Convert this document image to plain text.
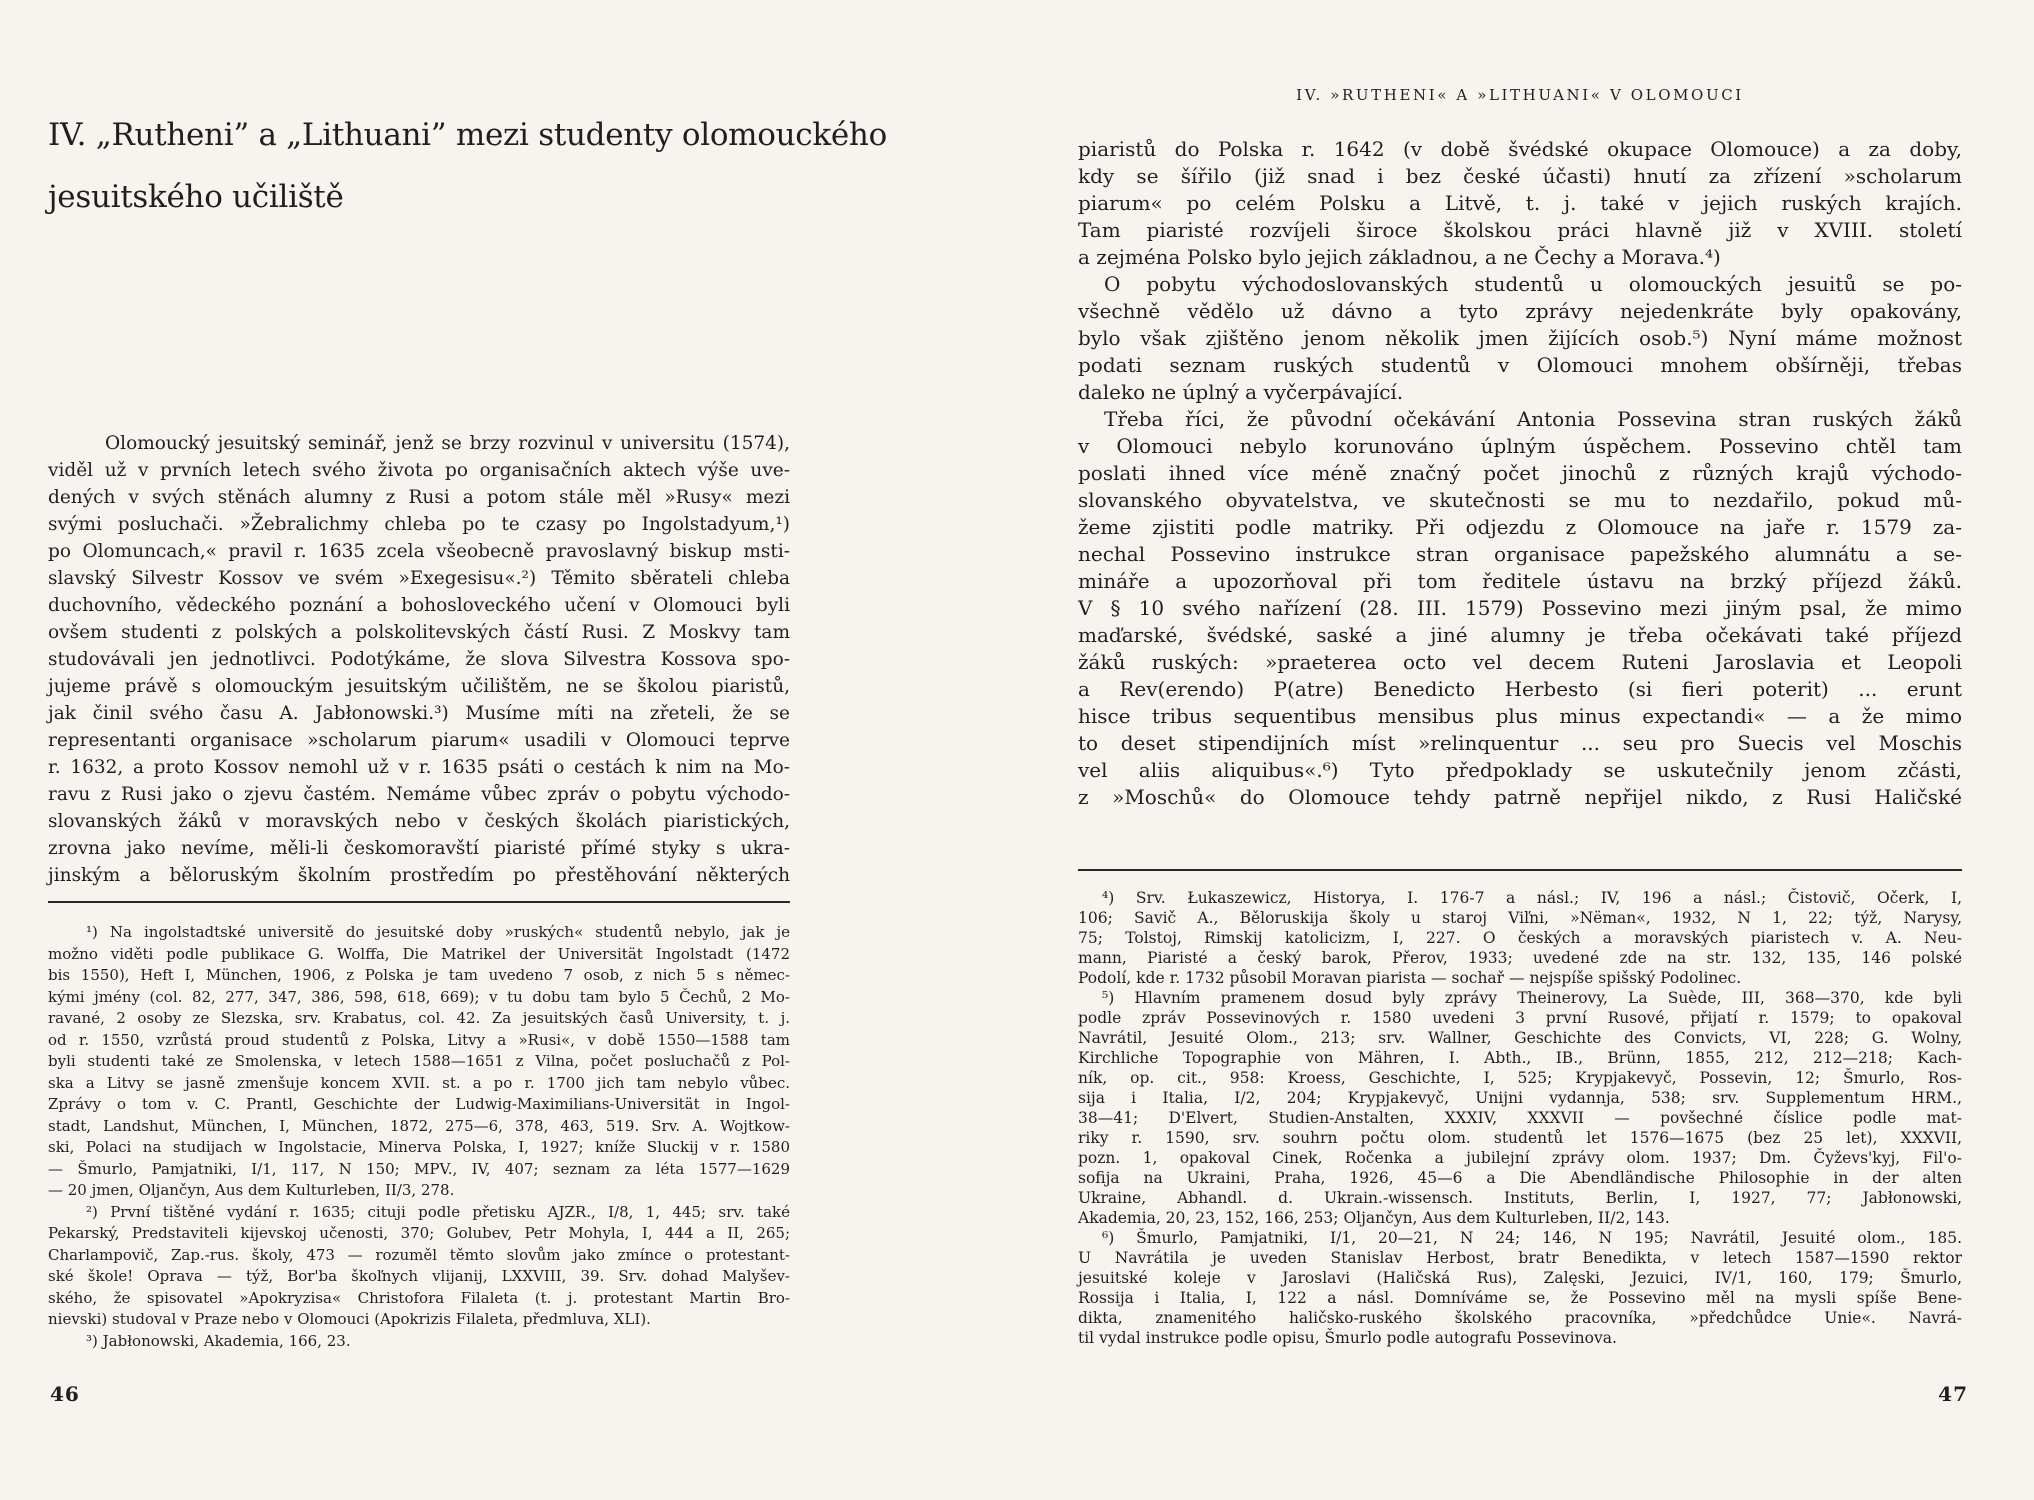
IV. „Rutheni” a „Lithuani” mezi studenty olomouckého
jesuitského učiliště
Olomoucký jesuitský seminář, jenž se brzy rozvinul v universitu (1574),
viděl už v prvních letech svého života po organisačních aktech výše uve-
dených v svých stěnách alumny z Rusi a potom stále měl »Rusy« mezi
svými posluchači. »Žebralichmy chleba po te czasy po Ingolstadyum,¹)
po Olomuncach,« pravil r. 1635 zcela všeobecně pravoslavný biskup msti-
slavský Silvestr Kossov ve svém »Exegesisu«.²) Těmito sběrateli chleba
duchovního, vědeckého poznání a bohosloveckého učení v Olomouci byli
ovšem studenti z polských a polskolitevských částí Rusi. Z Moskvy tam
studovávali jen jednotlivci. Podotýkáme, že slova Silvestra Kossova spo-
jujeme právě s olomouckým jesuitským učilištěm, ne se školou piaristů,
jak činil svého času A. Jabłonowski.³) Musíme míti na zřeteli, že se
representanti organisace »scholarum piarum« usadili v Olomouci teprve
r. 1632, a proto Kossov nemohl už v r. 1635 psáti o cestách k nim na Mo-
ravu z Rusi jako o zjevu častém. Nemáme vůbec zpráv o pobytu východo-
slovanských žáků v moravských nebo v českých školách piaristických,
zrovna jako nevíme, měli-li českomoravští piaristé přímé styky s ukra-
jinským a běloruským školním prostředím po přestěhování některých
¹) Na ingolstadtské universitě do jesuitské doby »ruských« studentů nebylo, jak je
možno viděti podle publikace G. Wolffa, Die Matrikel der Universität Ingolstadt (1472
bis 1550), Heft I, München, 1906, z Polska je tam uvedeno 7 osob, z nich 5 s němec-
kými jmény (col. 82, 277, 347, 386, 598, 618, 669); v tu dobu tam bylo 5 Čechů, 2 Mo-
ravané, 2 osoby ze Slezska, srv. Krabatus, col. 42. Za jesuitských časů University, t. j.
od r. 1550, vzrůstá proud studentů z Polska, Litvy a »Rusi«, v době 1550—1588 tam
byli studenti také ze Smolenska, v letech 1588—1651 z Vilna, počet posluchačů z Pol-
ska a Litvy se jasně zmenšuje koncem XVII. st. a po r. 1700 jich tam nebylo vůbec.
Zprávy o tom v. C. Prantl, Geschichte der Ludwig-Maximilians-Universität in Ingol-
stadt, Landshut, München, I, München, 1872, 275—6, 378, 463, 519. Srv. A. Wojtkow-
ski, Polaci na studijach w Ingolstacie, Minerva Polska, I, 1927; kníže Sluckij v r. 1580
— Šmurlo, Pamjatniki, I/1, 117, N 150; MPV., IV, 407; seznam za léta 1577—1629
— 20 jmen, Oljančyn, Aus dem Kulturleben, II/3, 278.
²) První tištěné vydání r. 1635; cituji podle přetisku AJZR., I/8, 1, 445; srv. také
Pekarský, Predstaviteli kijevskoj učenosti, 370; Golubev, Petr Mohyla, I, 444 a II, 265;
Charlampovič, Zap.-rus. školy, 473 — rozuměl těmto slovům jako zmínce o protestant-
ské škole! Oprava — týž, Bor'ba škoľnych vlijanij, LXXVIII, 39. Srv. dohad Malyšev-
ského, že spisovatel »Apokryzisa« Christofora Filaleta (t. j. protestant Martin Bro-
nievski) studoval v Praze nebo v Olomouci (Apokrizis Filaleta, předmluva, XLI).
³) Jabłonowski, Akademia, 166, 23.
46
IV. »RUTHENI« A »LITHUANI« V OLOMOUCI
piaristů do Polska r. 1642 (v době švédské okupace Olomouce) a za doby,
kdy se šířilo (již snad i bez české účasti) hnutí za zřízení »scholarum
piarum« po celém Polsku a Litvě, t. j. také v jejich ruských krajích.
Tam piaristé rozvíjeli široce školskou práci hlavně již v XVIII. století
a zejména Polsko bylo jejich základnou, a ne Čechy a Morava.⁴)
O pobytu východoslovanských studentů u olomouckých jesuitů se po-
všechně vědělo už dávno a tyto zprávy nejedenkráte byly opakovány,
bylo však zjištěno jenom několik jmen žijících osob.⁵) Nyní máme možnost
podati seznam ruských studentů v Olomouci mnohem obšírněji, třebas
daleko ne úplný a vyčerpávající.
Třeba říci, že původní očekávání Antonia Possevina stran ruských žáků
v Olomouci nebylo korunováno úplným úspěchem. Possevino chtěl tam
poslati ihned více méně značný počet jinochů z různých krajů východo-
slovanského obyvatelstva, ve skutečnosti se mu to nezdařilo, pokud mů-
žeme zjistiti podle matriky. Při odjezdu z Olomouce na jaře r. 1579 za-
nechal Possevino instrukce stran organisace papežského alumnátu a se-
mináře a upozorňoval při tom ředitele ústavu na brzký příjezd žáků.
V § 10 svého nařízení (28. III. 1579) Possevino mezi jiným psal, že mimo
maďarské, švédské, saské a jiné alumny je třeba očekávati také příjezd
žáků ruských: »praeterea octo vel decem Ruteni Jaroslavia et Leopoli
a Rev(erendo) P(atre) Benedicto Herbesto (si fieri poterit) ... erunt
hisce tribus sequentibus mensibus plus minus expectandi« — a že mimo
to deset stipendijních míst »relinquentur ... seu pro Suecis vel Moschis
vel aliis aliquibus«.⁶) Tyto předpoklady se uskutečnily jenom zčásti,
z »Moschů« do Olomouce tehdy patrně nepřijel nikdo, z Rusi Haličské
⁴) Srv. Łukaszewicz, Historya, I. 176-7 a násl.; IV, 196 a násl.; Čistovič, Očerk, I,
106; Savič A., Běloruskija školy u staroj Viľni, »Nëman«, 1932, N 1, 22; týž, Narysy,
75; Tolstoj, Rimskij katolicizm, I, 227. O českých a moravských piaristech v. A. Neu-
mann, Piaristé a český barok, Přerov, 1933; uvedené zde na str. 132, 135, 146 polské
Podolí, kde r. 1732 působil Moravan piarista — sochař — nejspíše spišský Podolinec.
⁵) Hlavním pramenem dosud byly zprávy Theinerovy, La Suède, III, 368—370, kde byli
podle zpráv Possevinových r. 1580 uvedeni 3 první Rusové, přijatí r. 1579; to opakoval
Navrátil, Jesuité Olom., 213; srv. Wallner, Geschichte des Convicts, VI, 228; G. Wolny,
Kirchliche Topographie von Mähren, I. Abth., IB., Brünn, 1855, 212, 212—218; Kach-
ník, op. cit., 958: Kroess, Geschichte, I, 525; Krypjakevyč, Possevin, 12; Šmurlo, Ros-
sija i Italia, I/2, 204; Krypjakevyč, Unijni vydannja, 538; srv. Supplementum HRM.,
38—41; D'Elvert, Studien-Anstalten, XXXIV, XXXVII — povšechné číslice podle mat-
riky r. 1590, srv. souhrn počtu olom. studentů let 1576—1675 (bez 25 let), XXXVII,
pozn. 1, opakoval Cinek, Ročenka a jubilejní zprávy olom. 1937; Dm. Čyževs'kyj, Fil'o-
sofija na Ukraini, Praha, 1926, 45—6 a Die Abendländische Philosophie in der alten
Ukraine, Abhandl. d. Ukrain.-wissensch. Instituts, Berlin, I, 1927, 77; Jabłonowski,
Akademia, 20, 23, 152, 166, 253; Oljančyn, Aus dem Kulturleben, II/2, 143.
⁶) Šmurlo, Pamjatniki, I/1, 20—21, N 24; 146, N 195; Navrátil, Jesuité olom., 185.
U Navrátila je uveden Stanislav Herbost, bratr Benedikta, v letech 1587—1590 rektor
jesuitské koleje v Jaroslavi (Haličská Rus), Zalęski, Jezuici, IV/1, 160, 179; Šmurlo,
Rossija i Italia, I, 122 a násl. Domníváme se, že Possevino měl na mysli spíše Bene-
dikta, znamenitého haličsko-ruského školského pracovníka, »předchůdce Unie«. Navrá-
til vydal instrukce podle opisu, Šmurlo podle autografu Possevinova.
47
